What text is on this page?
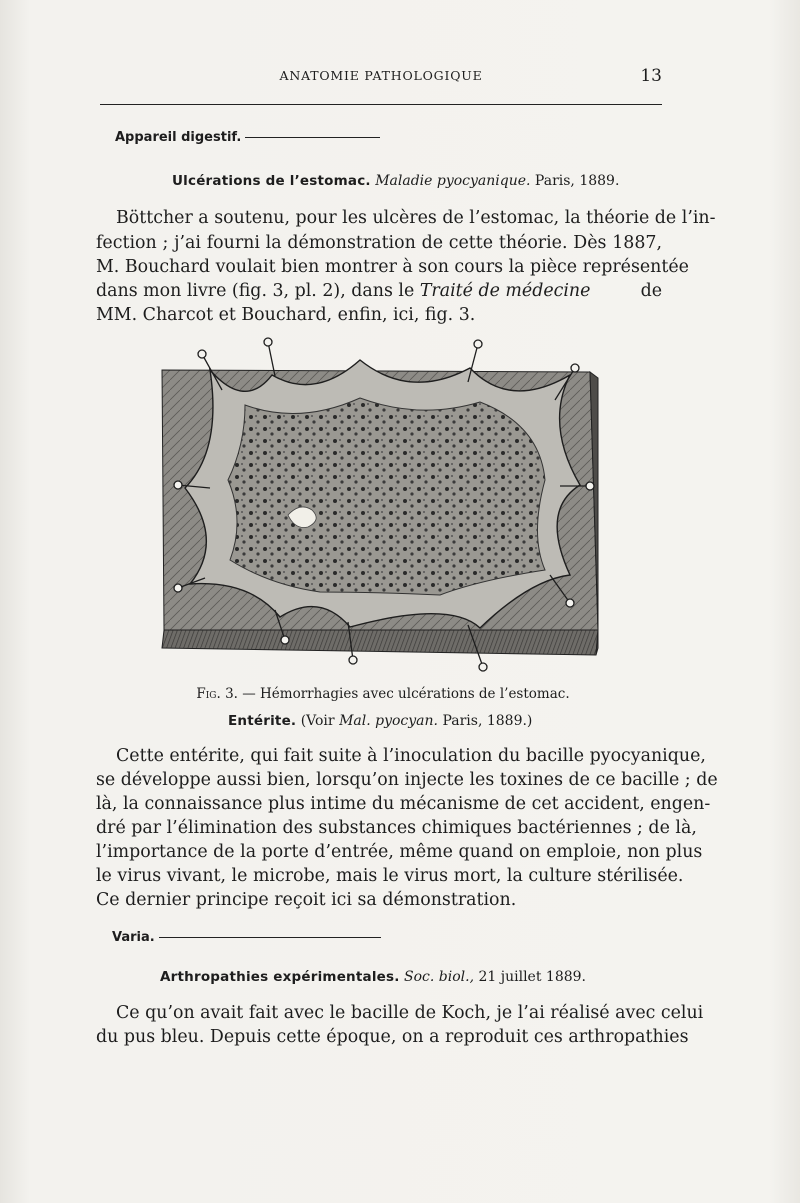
ANATOMIE PATHOLOGIQUE	13
Appareil digestif.
Ulcérations de l’estomac. Maladie pyocyanique. Paris, 1889.
Böttcher a soutenu, pour les ulcères de l’estomac, la théorie de l’in-
fection ; j’ai fourni la démonstration de cette théorie. Dès 1887,
M. Bouchard voulait bien montrer à son cours la pièce représentée
dans mon livre (fig. 3, pl. 2), dans le Traité de médecine	de
MM. Charcot et Bouchard, enfin, ici, fig. 3.
Fig. 3. — Hémorrhagies avec ulcérations de l’estomac.
Entérite. (Voir Mal. pyocyan. Paris, 1889.)
Cette entérite, qui fait suite à l’inoculation du bacille pyocyanique,
se développe aussi bien, lorsqu’on injecte les toxines de ce bacille ; de
là, la connaissance plus intime du mécanisme de cet accident, engen-
dré par l’élimination des substances chimiques bactériennes ; de là,
l’importance de la porte d’entrée, même quand on emploie, non plus
le virus vivant, le microbe, mais le virus mort, la culture stérilisée.
Ce dernier principe reçoit ici sa démonstration.
Varia.
Arthropathies expérimentales. Soc. biol., 21 juillet 1889.
Ce qu’on avait fait avec le bacille de Koch, je l’ai réalisé avec celui
du pus bleu. Depuis cette époque, on a reproduit ces arthropathies
